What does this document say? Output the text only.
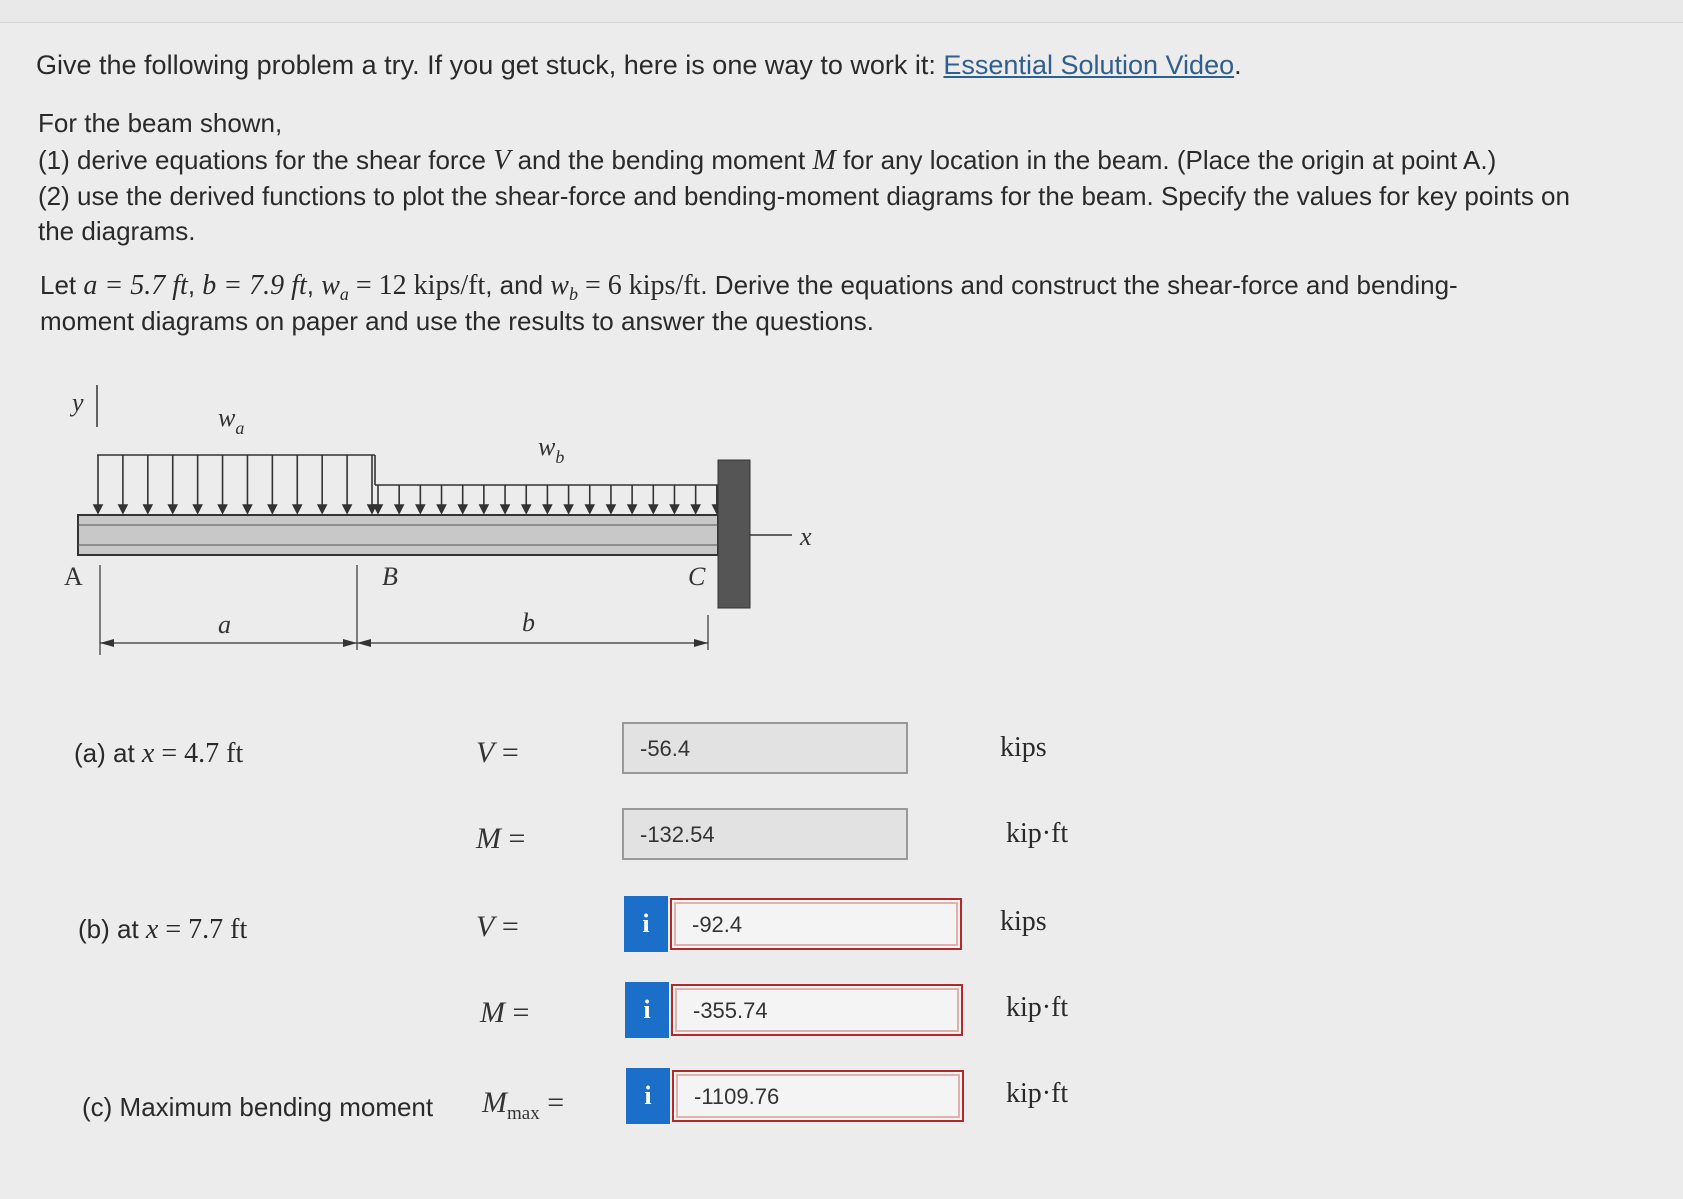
Give the following problem a try. If you get stuck, here is one way to work it: Essential Solution Video.
For the beam shown,
(1) derive equations for the shear force V and the bending moment M for any location in the beam. (Place the origin at point A.)
(2) use the derived functions to plot the shear-force and bending-moment diagrams for the beam. Specify the values for key points on
the diagrams.
Let a = 5.7 ft, b = 7.9 ft, $w_a = 12$ kips/ft, and $w_b = 6$ kips/ft. Derive the equations and construct the shear-force and bending-
moment diagrams on paper and use the results to answer the questions.
y
$w_a$
$w_b$
x
A	B	C
a	b
(a) at x = 4.7 ft	V =	-56.4	kips
M =	-132.54	kip·ft
(b) at x = 7.7 ft	V =	i	-92.4	kips
M =	i	-355.74	kip·ft
(c) Maximum bending moment $M_{max}$ =	i	-1109.76	kip·ft
